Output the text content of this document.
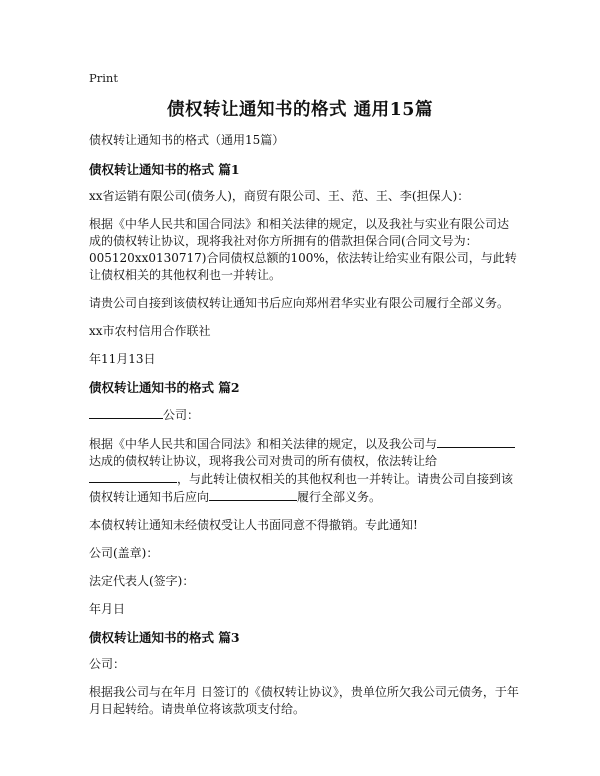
Print
债权转让通知书的格式 通用15篇

债权转让通知书的格式（通用15篇）

债权转让通知书的格式 篇1

xx省运销有限公司(债务人)，商贸有限公司、王、范、王、李(担保人)：

根据《中华人民共和国合同法》和相关法律的规定，以及我社与实业有限公司达成的债权转让协议，现将我社对你方所拥有的借款担保合同(合同文号为：005120xx0130717)合同债权总额的100%，依法转让给实业有限公司，与此转让债权相关的其他权利也一并转让。

请贵公司自接到该债权转让通知书后应向郑州君华实业有限公司履行全部义务。

xx市农村信用合作联社

年11月13日

债权转让通知书的格式 篇2

公司：

根据《中华人民共和国合同法》和相关法律的规定，以及我公司与达成的债权转让协议，现将我公司对贵司的所有债权，依法转让给，与此转让债权相关的其他权利也一并转让。请贵公司自接到该债权转让通知书后应向	履行全部义务。

本债权转让通知未经债权受让人书面同意不得撤销。专此通知!

公司(盖章)：

法定代表人(签字)：

年月日

债权转让通知书的格式 篇3

公司：

根据我公司与在年月 日签订的《债权转让协议》，贵单位所欠我公司元债务，于年月日起转给。请贵单位将该款项支付给。
